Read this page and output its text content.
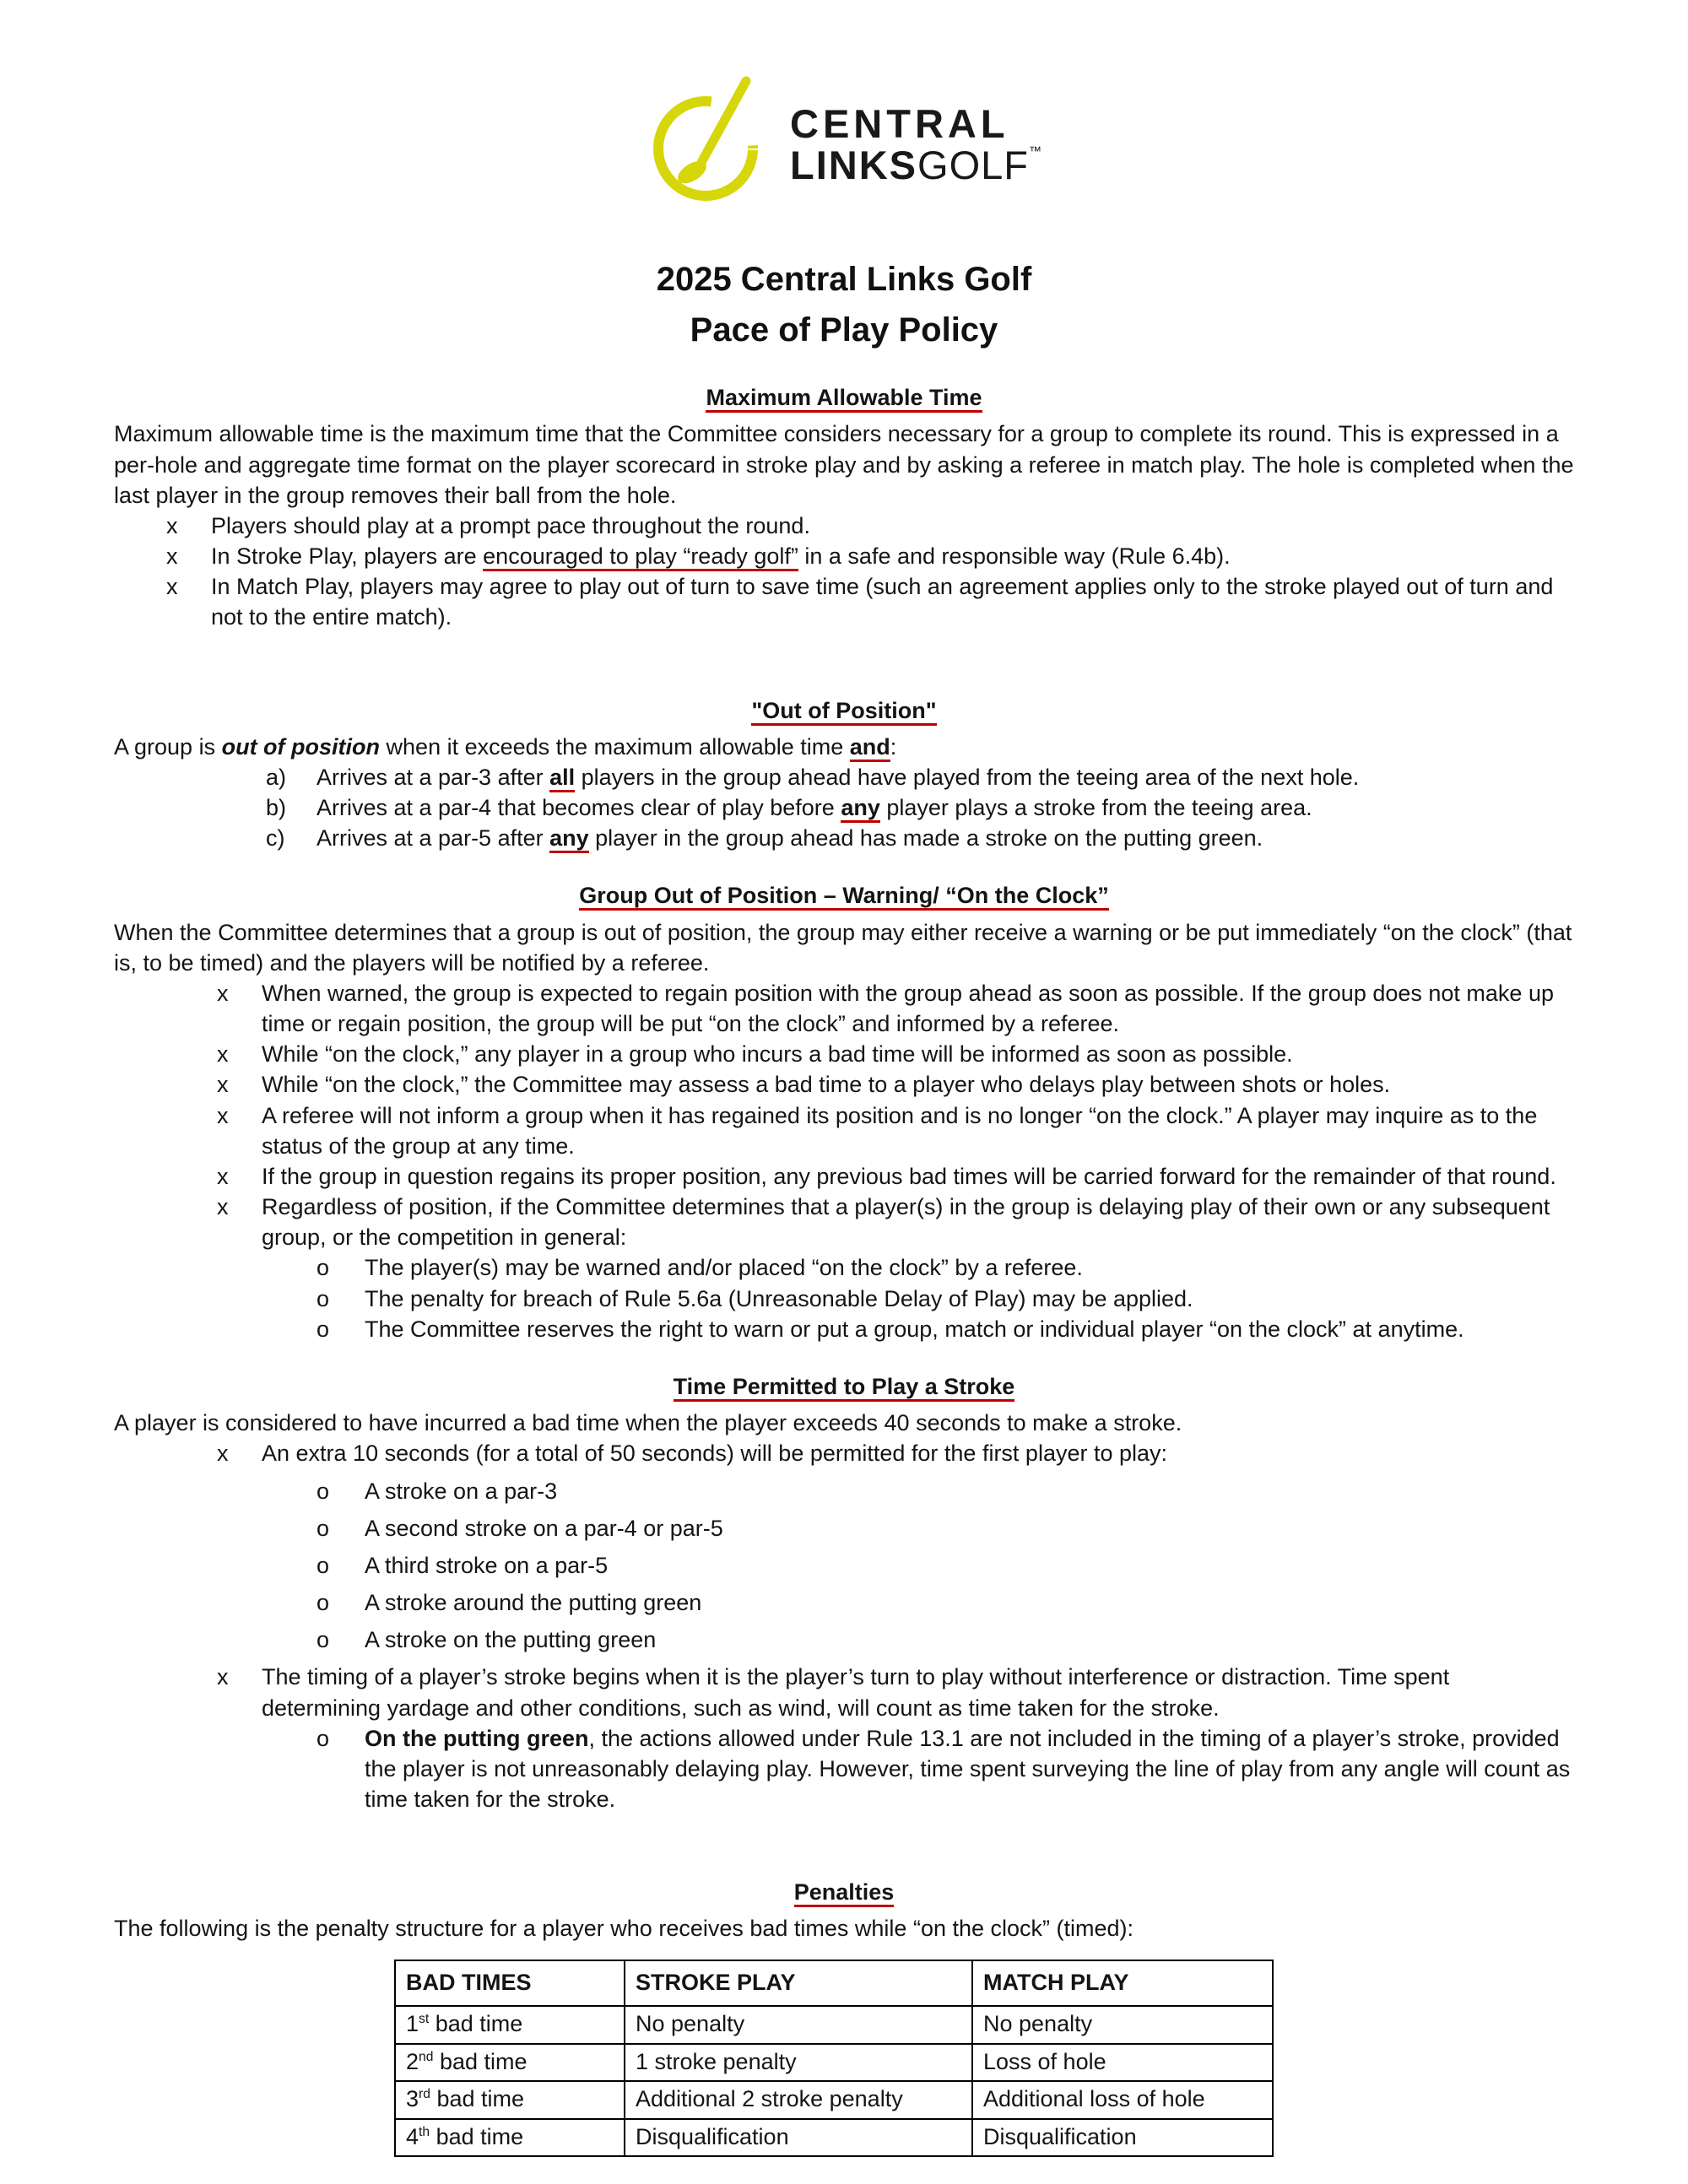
CENTRAL
LINKSGOLF™
2025 Central Links Golf
Pace of Play Policy
Maximum Allowable Time
Maximum allowable time is the maximum time that the Committee considers necessary for a group to complete its round. This is expressed in a per-hole and aggregate time format on the player scorecard in stroke play and by asking a referee in match play. The hole is completed when the last player in the group removes their ball from the hole.
x Players should play at a prompt pace throughout the round.
x In Stroke Play, players are encouraged to play “ready golf” in a safe and responsible way (Rule 6.4b).
x In Match Play, players may agree to play out of turn to save time (such an agreement applies only to the stroke played out of turn and not to the entire match).
"Out of Position"
A group is out of position when it exceeds the maximum allowable time and:
a) Arrives at a par-3 after all players in the group ahead have played from the teeing area of the next hole.
b) Arrives at a par-4 that becomes clear of play before any player plays a stroke from the teeing area.
c) Arrives at a par-5 after any player in the group ahead has made a stroke on the putting green.
Group Out of Position – Warning/ “On the Clock”
When the Committee determines that a group is out of position, the group may either receive a warning or be put immediately “on the clock” (that is, to be timed) and the players will be notified by a referee.
x When warned, the group is expected to regain position with the group ahead as soon as possible. If the group does not make up time or regain position, the group will be put “on the clock” and informed by a referee.
x While “on the clock,” any player in a group who incurs a bad time will be informed as soon as possible.
x While “on the clock,” the Committee may assess a bad time to a player who delays play between shots or holes.
x A referee will not inform a group when it has regained its position and is no longer “on the clock.” A player may inquire as to the status of the group at any time.
x If the group in question regains its proper position, any previous bad times will be carried forward for the remainder of that round.
x Regardless of position, if the Committee determines that a player(s) in the group is delaying play of their own or any subsequent group, or the competition in general:
o The player(s) may be warned and/or placed “on the clock” by a referee.
o The penalty for breach of Rule 5.6a (Unreasonable Delay of Play) may be applied.
o The Committee reserves the right to warn or put a group, match or individual player “on the clock” at anytime.
Time Permitted to Play a Stroke
A player is considered to have incurred a bad time when the player exceeds 40 seconds to make a stroke.
x An extra 10 seconds (for a total of 50 seconds) will be permitted for the first player to play:
o A stroke on a par-3
o A second stroke on a par-4 or par-5
o A third stroke on a par-5
o A stroke around the putting green
o A stroke on the putting green
x The timing of a player’s stroke begins when it is the player’s turn to play without interference or distraction. Time spent determining yardage and other conditions, such as wind, will count as time taken for the stroke.
o On the putting green, the actions allowed under Rule 13.1 are not included in the timing of a player’s stroke, provided the player is not unreasonably delaying play. However, time spent surveying the line of play from any angle will count as time taken for the stroke.
Penalties
The following is the penalty structure for a player who receives bad times while “on the clock” (timed):
BAD TIMES	STROKE PLAY	MATCH PLAY
1st bad time	No penalty	No penalty
2nd bad time	1 stroke penalty	Loss of hole
3rd bad time	Additional 2 stroke penalty	Additional loss of hole
4th bad time	Disqualification	Disqualification
